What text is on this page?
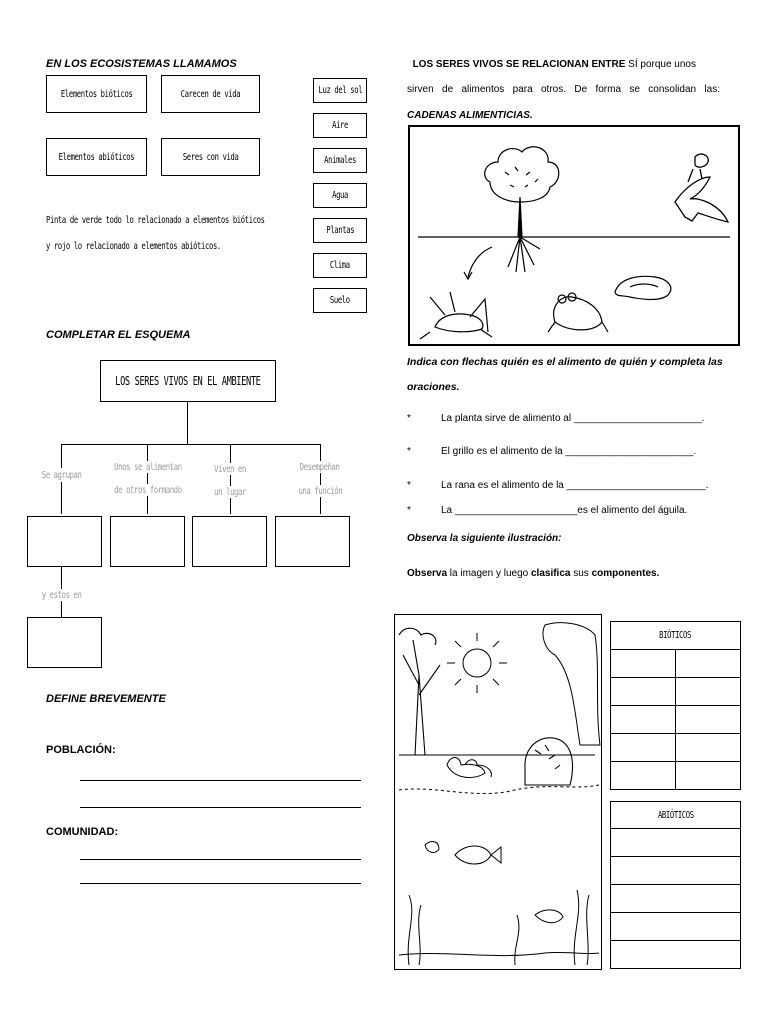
EN LOS ECOSISTEMAS LLAMAMOS
Elementos bióticos
Elementos abióticos
Carecen de vida
Seres con vida
Pinta de verde todo lo relacionado a elementos bióticos
y rojo lo relacionado a elementos abióticos.
Luz del sol
Aire
Animales
Agua
Plantas
Clima
Suelo
COMPLETAR EL ESQUEMA
LOS SERES VIVOS EN EL AMBIENTE
Se agrupan
Unos se alimentan
de otros formando
Viven en
un lugar
Desempeñan
una función
y estos en
DEFINE BREVEMENTE
POBLACIÓN:
COMUNIDAD:
LOS SERES VIVOS SE RELACIONAN ENTRE SÍ porque unos
sirven de alimentos para otros. De forma se consolidan las:
CADENAS ALIMENTICIAS.
Indica con flechas quién es el alimento de quién y completa las
oraciones.
*	La planta sirve de alimento al _______________________.
*	El grillo es el alimento de la _______________________.
*	La rana es el alimento de la _________________________.
*	La ______________________es el alimento del águila.
Observa la siguiente ilustración:
Observa la imagen y luego clasifica sus componentes.
BIÓTICOS

ABIÓTICOS
